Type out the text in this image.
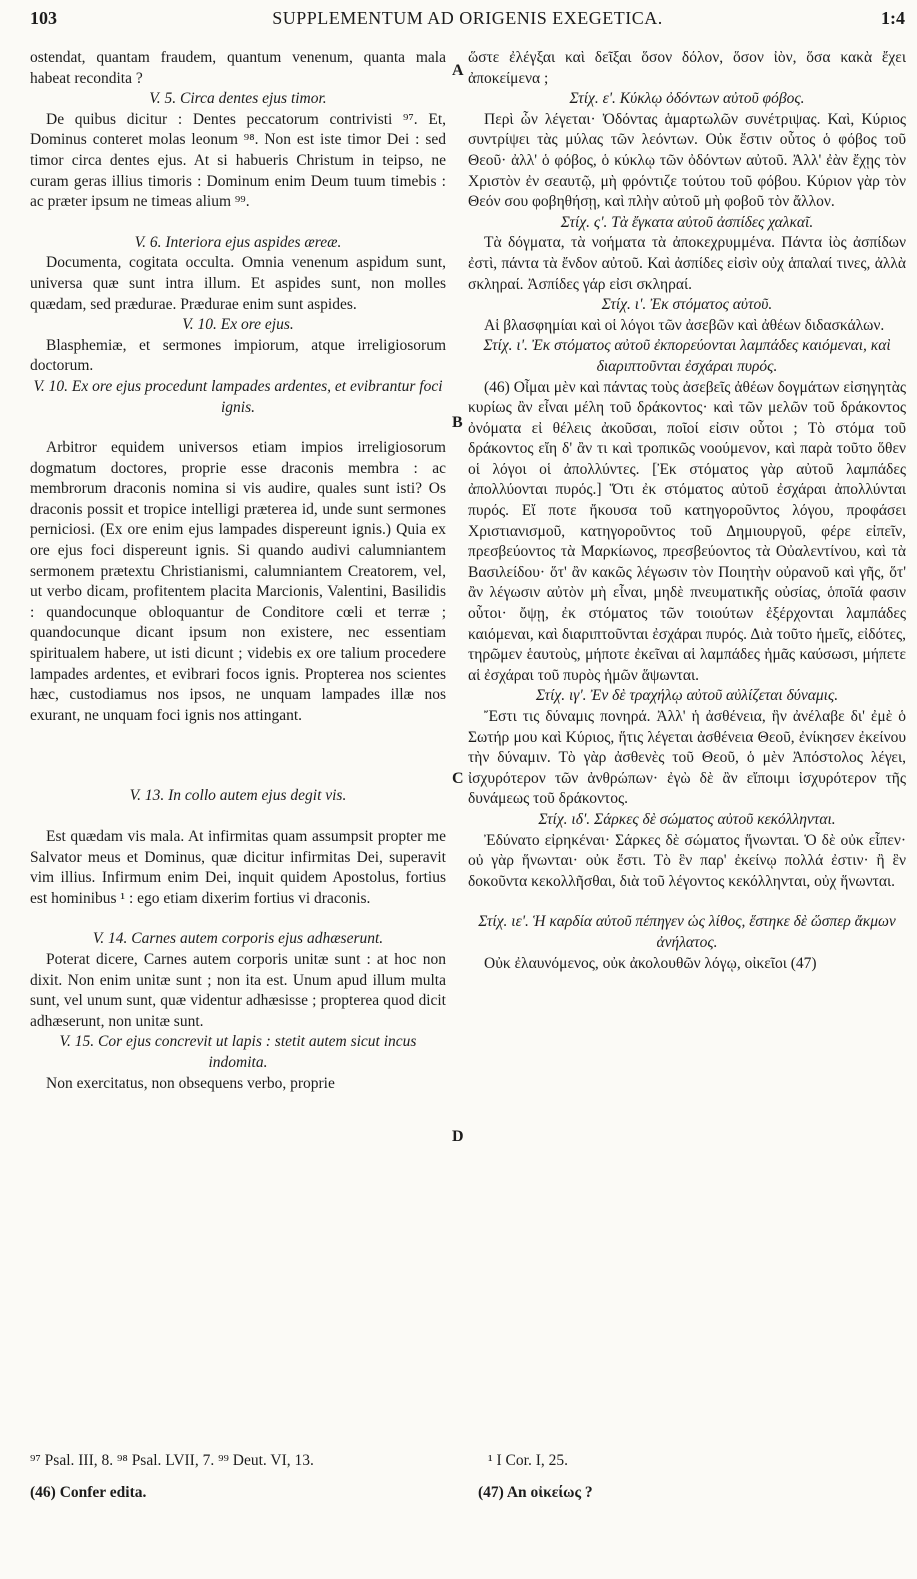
103	SUPPLEMENTUM AD ORIGENIS EXEGETICA.	1:4
A
B
C
D
ostendat, quantam fraudem, quantum venenum, quanta mala habeat recondita ?
V. 5. Circa dentes ejus timor.
De quibus dicitur : Dentes peccatorum contrivisti ⁹⁷. Et, Dominus conteret molas leonum ⁹⁸. Non est iste timor Dei : sed timor circa dentes ejus. At si habueris Christum in teipso, ne curam geras illius timoris : Dominum enim Deum tuum timebis : ac præter ipsum ne timeas alium ⁹⁹.
V. 6. Interiora ejus aspides æreæ.
Documenta, cogitata occulta. Omnia venenum aspidum sunt, universa quæ sunt intra illum. Et aspides sunt, non molles quædam, sed prædurae. Prædurae enim sunt aspides.
V. 10. Ex ore ejus.
Blasphemiæ, et sermones impiorum, atque irreligiosorum doctorum.
V. 10. Ex ore ejus procedunt lampades ardentes, et evibrantur foci ignis.
Arbitror equidem universos etiam impios irreligiosorum dogmatum doctores, proprie esse draconis membra : ac membrorum draconis nomina si vis audire, quales sunt isti? Os draconis possit et tropice intelligi præterea id, unde sunt sermones perniciosi. (Ex ore enim ejus lampades dispereunt ignis.) Quia ex ore ejus foci dispereunt ignis. Si quando audivi calumniantem sermonem prætextu Christianismi, calumniantem Creatorem, vel, ut verbo dicam, profitentem placita Marcionis, Valentini, Basilidis : quandocunque obloquantur de Conditore cœli et terræ ; quandocunque dicant ipsum non existere, nec essentiam spiritualem habere, ut isti dicunt ; videbis ex ore talium procedere lampades ardentes, et evibrari focos ignis. Propterea nos scientes hæc, custodiamus nos ipsos, ne unquam lampades illæ nos exurant, ne unquam foci ignis nos attingant.
V. 13. In collo autem ejus degit vis.
Est quædam vis mala. At infirmitas quam assumpsit propter me Salvator meus et Dominus, quæ dicitur infirmitas Dei, superavit vim illius. Infirmum enim Dei, inquit quidem Apostolus, fortius est hominibus ¹ : ego etiam dixerim fortius vi draconis.
V. 14. Carnes autem corporis ejus adhæserunt.
Poterat dicere, Carnes autem corporis unitæ sunt : at hoc non dixit. Non enim unitæ sunt ; non ita est. Unum apud illum multa sunt, vel unum sunt, quæ videntur adhæsisse ; propterea quod dicit adhæserunt, non unitæ sunt.
V. 15. Cor ejus concrevit ut lapis : stetit autem sicut incus indomita.
Non exercitatus, non obsequens verbo, proprie
ὥστε ἐλέγξαι καὶ δεῖξαι ὅσον δόλον, ὅσον ἰὸν, ὅσα κακὰ ἔχει ἀποκείμενα ;
Στίχ. ε'. Κύκλῳ ὀδόντων αὐτοῦ φόβος.
Περὶ ὧν λέγεται· Ὀδόντας ἁμαρτωλῶν συνέτριψας. Καὶ, Κύριος συντρίψει τὰς μύλας τῶν λεόντων. Οὐκ ἔστιν οὗτος ὁ φόβος τοῦ Θεοῦ· ἀλλ' ὁ φόβος, ὁ κύκλῳ τῶν ὀδόντων αὐτοῦ. Ἀλλ' ἐὰν ἔχῃς τὸν Χριστὸν ἐν σεαυτῷ, μὴ φρόντιζε τούτου τοῦ φόβου. Κύριον γὰρ τὸν Θεόν σου φοβηθήσῃ, καὶ πλὴν αὐτοῦ μὴ φοβοῦ τὸν ἄλλον.
Στίχ. ς'. Τὰ ἔγκατα αὐτοῦ ἀσπίδες χαλκαῖ.
Τὰ δόγματα, τὰ νοήματα τὰ ἀποκεχρυμμένα. Πάντα ἰὸς ἀσπίδων ἐστὶ, πάντα τὰ ἔνδον αὐτοῦ. Καὶ ἀσπίδες εἰσὶν οὐχ ἁπαλαί τινες, ἀλλὰ σκληραί. Ἀσπίδες γάρ εἰσι σκληραί.
Στίχ. ι'. Ἐκ στόματος αὐτοῦ.
Αἱ βλασφημίαι καὶ οἱ λόγοι τῶν ἀσεβῶν καὶ ἀθέων διδασκάλων.
Στίχ. ι'. Ἐκ στόματος αὐτοῦ ἐκπορεύονται λαμπάδες καιόμεναι, καὶ διαριπτοῦνται ἐσχάραι πυρός.
(46) Οἶμαι μὲν καὶ πάντας τοὺς ἀσεβεῖς ἀθέων δογμάτων εἰσηγητὰς κυρίως ἂν εἶναι μέλη τοῦ δράκοντος· καὶ τῶν μελῶν τοῦ δράκοντος ὀνόματα εἰ θέλεις ἀκοῦσαι, ποῖοί εἰσιν οὗτοι ; Τὸ στόμα τοῦ δράκοντος εἴη δ' ἂν τι καὶ τροπικῶς νοούμενον, καὶ παρὰ τοῦτο ὅθεν οἱ λόγοι οἱ ἀπολλύντες. [Ἐκ στόματος γὰρ αὐτοῦ λαμπάδες ἀπολλύονται πυρός.] Ὅτι ἐκ στόματος αὐτοῦ ἐσχάραι ἀπολλύνται πυρός. Εἴ ποτε ἤκουσα τοῦ κατηγοροῦντος λόγου, προφάσει Χριστιανισμοῦ, κατηγοροῦντος τοῦ Δημιουργοῦ, φέρε εἰπεῖν, πρεσβεύοντος τὰ Μαρκίωνος, πρεσβεύοντος τὰ Οὐαλεντίνου, καὶ τὰ Βασιλείδου· ὅτ' ἂν κακῶς λέγωσιν τὸν Ποιητὴν οὐρανοῦ καὶ γῆς, ὅτ' ἂν λέγωσιν αὐτὸν μὴ εἶναι, μηδὲ πνευματικῆς οὐσίας, ὁποῖά φασιν οὗτοι· ὄψῃ, ἐκ στόματος τῶν τοιούτων ἐξέρχονται λαμπάδες καιόμεναι, καὶ διαριπτοῦνται ἐσχάραι πυρός. Διὰ τοῦτο ἡμεῖς, εἰδότες, τηρῶμεν ἑαυτοὺς, μήποτε ἐκεῖναι αἱ λαμπάδες ἡμᾶς καύσωσι, μήπετε αἱ ἐσχάραι τοῦ πυρὸς ἡμῶν ἅψωνται.
Στίχ. ιγ'. Ἐν δὲ τραχήλῳ αὐτοῦ αὐλίζεται δύναμις.
Ἔστι τις δύναμις πονηρά. Ἀλλ' ἡ ἀσθένεια, ἣν ἀνέλαβε δι' ἐμὲ ὁ Σωτήρ μου καὶ Κύριος, ἥτις λέγεται ἀσθένεια Θεοῦ, ἐνίκησεν ἐκείνου τὴν δύναμιν. Τὸ γὰρ ἀσθενὲς τοῦ Θεοῦ, ὁ μὲν Ἀπόστολος λέγει, ἰσχυρότερον τῶν ἀνθρώπων· ἐγὼ δὲ ἂν εἴποιμι ἰσχυρότερον τῆς δυνάμεως τοῦ δράκοντος.
Στίχ. ιδ'. Σάρκες δὲ σώματος αὐτοῦ κεκόλληνται.
Ἐδύνατο εἰρηκέναι· Σάρκες δὲ σώματος ἥνωνται. Ὁ δὲ οὐκ εἶπεν· οὐ γὰρ ἥνωνται· οὐκ ἔστι. Τὸ ἓν παρ' ἐκείνῳ πολλά ἐστιν· ἢ ἓν δοκοῦντα κεκολλῆσθαι, διὰ τοῦ λέγοντος κεκόλληνται, οὐχ ἥνωνται.
Στίχ. ιε'. Ἡ καρδία αὐτοῦ πέπηγεν ὡς λίθος, ἕστηκε δὲ ὥσπερ ἄκμων ἀνήλατος.
Οὐκ ἐλαυνόμενος, οὐκ ἀκολουθῶν λόγῳ, οἰκεῖοι (47)
⁹⁷ Psal. III, 8. ⁹⁸ Psal. LVII, 7. ⁹⁹ Deut. VI, 13.	¹ I Cor. I, 25.
(46) Confer edita.	(47) An οἰκείως ?
